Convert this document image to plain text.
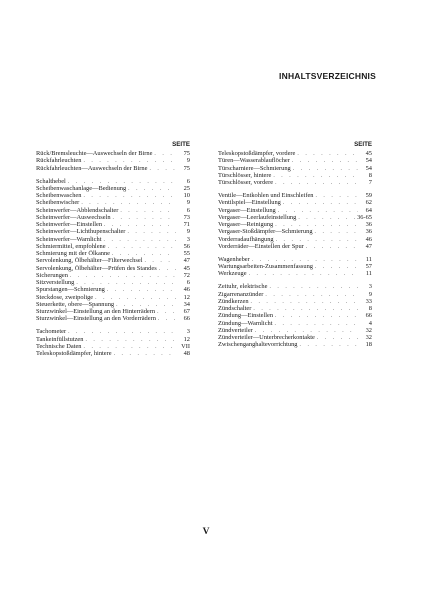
INHALTSVERZEICHNIS
SEITE
Rück/Bremsleuchte—Auswechseln der Birne . . .	75
Rückfahrleuchten . . .	9
Rückfahrleuchten—Auswechseln der Birne . . .	75
Schalthebel . . .	6
Scheibenwaschanlage—Bedienung . . .	25
Scheibenwaschen . . .	10
Scheibenwischer . . .	9
Scheinwerfer—Abblendschalter . . .	6
Scheinwerfer—Auswechseln . . .	73
Scheinwerfer—Einstellen . . .	71
Scheinwerfer—Lichthupenschalter . . .	9
Scheinwerfer—Warnlicht . . .	3
Schmiermittel, empfohlene . . .	56
Schmierung mit der Ölkanne . . .	55
Servolenkung, Ölbehälter—Filterwechsel . . .	47
Servolenkung, Ölbehälter—Prüfen des Standes . . .	45
Sicherungen . . .	72
Sitzverstellung . . .	6
Spurstangen—Schmierung . . .	46
Steckdose, zweipolige . . .	12
Steuerkette, obere—Spannung . . .	34
Sturzwinkel—Einstellung an den Hinterrädern . . .	67
Sturzwinkel—Einstellung an den Vorderrädern . . .	66
Tachometer . . .	3
Tankeinfüllstutzen . . .	12
Technische Daten . . .	VII
Teleskopstoßdämpfer, hintere . . .	48
SEITE
Teleskopstoßdämpfer, vordere . . .	45
Türen—Wasserablauflöcher . . .	54
Türscharniere—Schmierung . . .	54
Türschlösser, hintere . . .	8
Türschlösser, vordere . . .	7
Ventile—Entkohlen und Einschleifen . . .	59
Ventilspiel—Einstellung . . .	62
Vergaser—Einstellung . . .	64
Vergaser—Leerlaufeinstellung . . .	36-65
Vergaser—Reinigung . . .	36
Vergaser-Stoßdämpfer—Schmierung . . .	36
Vorderradaufhängung . . .	46
Vorderräder—Einstellen der Spur . . .	47
Wagenheber . . .	11
Wartungsarbeiten-Zusammenfassung . . .	57
Werkzeuge . . .	11
Zeituhr, elektrische . . .	3
Zigarrenanzünder . . .	9
Zündkerzen . . .	33
Zündschalter . . .	8
Zündung—Einstellen . . .	66
Zündung—Warnlicht . . .	4
Zündverteiler . . .	32
Zündverteiler—Unterbrecherkontakte . . .	32
Zwischenganghaltevorrichtung . . .	18
V
